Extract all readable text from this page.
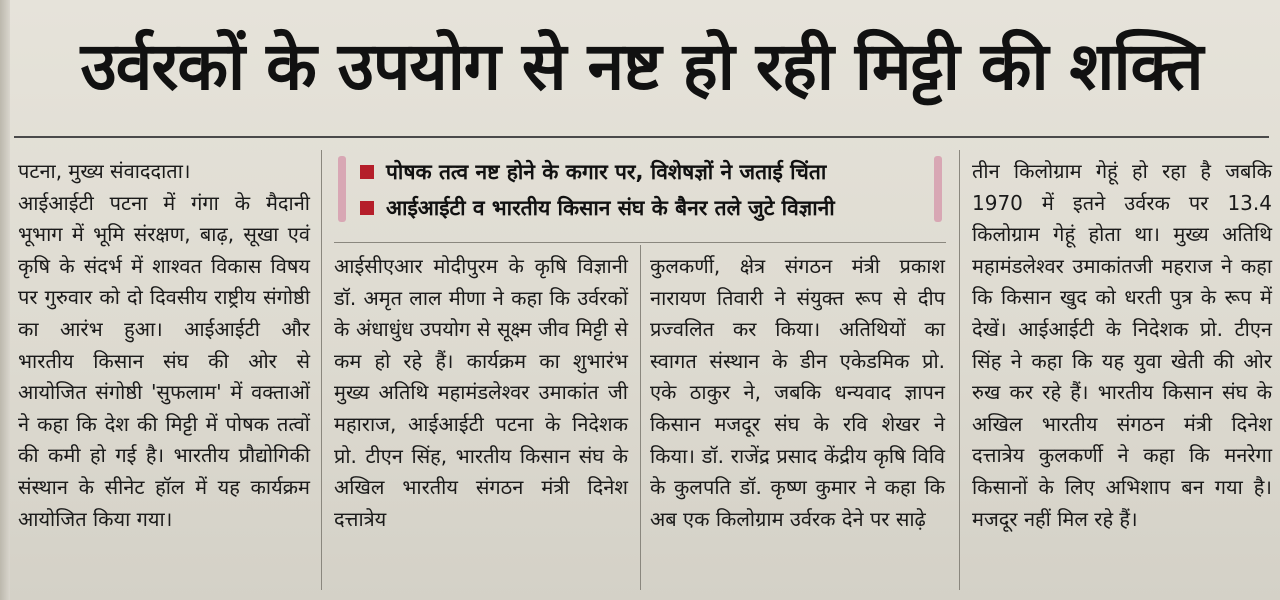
उर्वरकों के उपयोग से नष्ट हो रही मिट्टी की शक्ति
पटना, मुख्य संवाददाता।
आईआईटी पटना में गंगा के मैदानी भूभाग में भूमि संरक्षण, बाढ़, सूखा एवं कृषि के संदर्भ में शाश्वत विकास विषय पर गुरुवार को दो दिवसीय राष्ट्रीय संगोष्ठी का आरंभ हुआ। आईआईटी और भारतीय किसान संघ की ओर से आयोजित संगोष्ठी 'सुफलाम' में वक्ताओं ने कहा कि देश की मिट्टी में पोषक तत्वों की कमी हो गई है। भारतीय प्रौद्योगिकी संस्थान के सीनेट हॉल में यह कार्यक्रम आयोजित किया गया।
पोषक तत्व नष्ट होने के कगार पर, विशेषज्ञों ने जताई चिंता
आईआईटी व भारतीय किसान संघ के बैनर तले जुटे विज्ञानी
आईसीएआर मोदीपुरम के कृषि विज्ञानी डॉ. अमृत लाल मीणा ने कहा कि उर्वरकों के अंधाधुंध उपयोग से सूक्ष्म जीव मिट्टी से कम हो रहे हैं। कार्यक्रम का शुभारंभ मुख्य अतिथि महामंडलेश्वर उमाकांत जी महाराज, आईआईटी पटना के निदेशक प्रो. टीएन सिंह, भारतीय किसान संघ के अखिल भारतीय संगठन मंत्री दिनेश दत्तात्रेय
कुलकर्णी, क्षेत्र संगठन मंत्री प्रकाश नारायण तिवारी ने संयुक्त रूप से दीप प्रज्वलित कर किया। अतिथियों का स्वागत संस्थान के डीन एकेडमिक प्रो. एके ठाकुर ने, जबकि धन्यवाद ज्ञापन किसान मजदूर संघ के रवि शेखर ने किया। डॉ. राजेंद्र प्रसाद केंद्रीय कृषि विवि के कुलपति डॉ. कृष्ण कुमार ने कहा कि अब एक किलोग्राम उर्वरक देने पर साढ़े
तीन किलोग्राम गेहूं हो रहा है जबकि 1970 में इतने उर्वरक पर 13.4 किलोग्राम गेहूं होता था। मुख्य अतिथि महामंडलेश्वर उमाकांतजी महराज ने कहा कि किसान खुद को धरती पुत्र के रूप में देखें। आईआईटी के निदेशक प्रो. टीएन सिंह ने कहा कि यह युवा खेती की ओर रुख कर रहे हैं। भारतीय किसान संघ के अखिल भारतीय संगठन मंत्री दिनेश दत्तात्रेय कुलकर्णी ने कहा कि मनरेगा किसानों के लिए अभिशाप बन गया है। मजदूर नहीं मिल रहे हैं।
